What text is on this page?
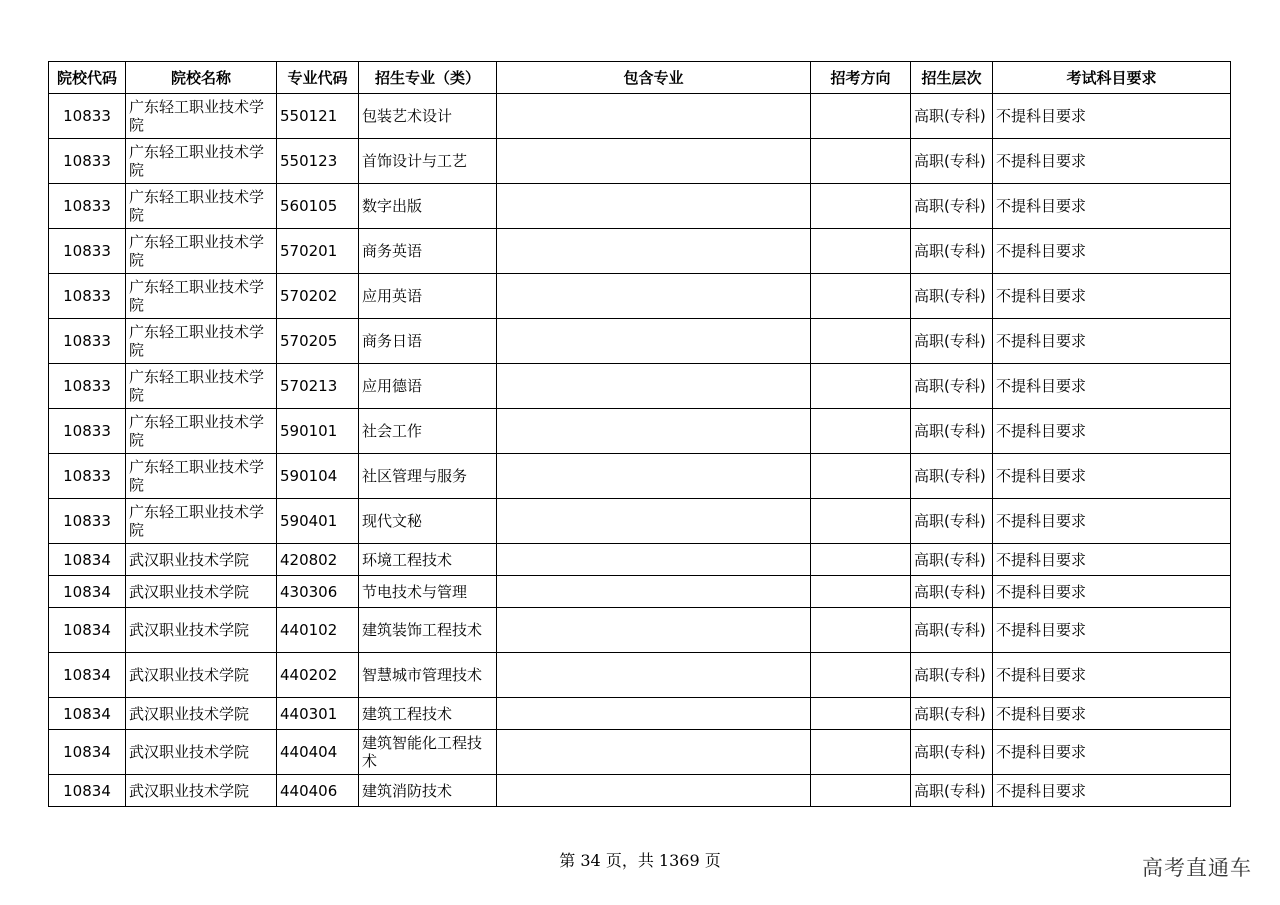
院校代码	院校名称	专业代码	招生专业（类）	包含专业	招考方向	招生层次	考试科目要求
10833	广东轻工职业技术学院	550121	包装艺术设计			高职(专科)	不提科目要求
10833	广东轻工职业技术学院	550123	首饰设计与工艺			高职(专科)	不提科目要求
10833	广东轻工职业技术学院	560105	数字出版			高职(专科)	不提科目要求
10833	广东轻工职业技术学院	570201	商务英语			高职(专科)	不提科目要求
10833	广东轻工职业技术学院	570202	应用英语			高职(专科)	不提科目要求
10833	广东轻工职业技术学院	570205	商务日语			高职(专科)	不提科目要求
10833	广东轻工职业技术学院	570213	应用德语			高职(专科)	不提科目要求
10833	广东轻工职业技术学院	590101	社会工作			高职(专科)	不提科目要求
10833	广东轻工职业技术学院	590104	社区管理与服务			高职(专科)	不提科目要求
10833	广东轻工职业技术学院	590401	现代文秘			高职(专科)	不提科目要求
10834	武汉职业技术学院	420802	环境工程技术			高职(专科)	不提科目要求
10834	武汉职业技术学院	430306	节电技术与管理			高职(专科)	不提科目要求
10834	武汉职业技术学院	440102	建筑装饰工程技术			高职(专科)	不提科目要求
10834	武汉职业技术学院	440202	智慧城市管理技术			高职(专科)	不提科目要求
10834	武汉职业技术学院	440301	建筑工程技术			高职(专科)	不提科目要求
10834	武汉职业技术学院	440404	建筑智能化工程技术			高职(专科)	不提科目要求
10834	武汉职业技术学院	440406	建筑消防技术			高职(专科)	不提科目要求
第 34 页，共 1369 页	高考直通车
